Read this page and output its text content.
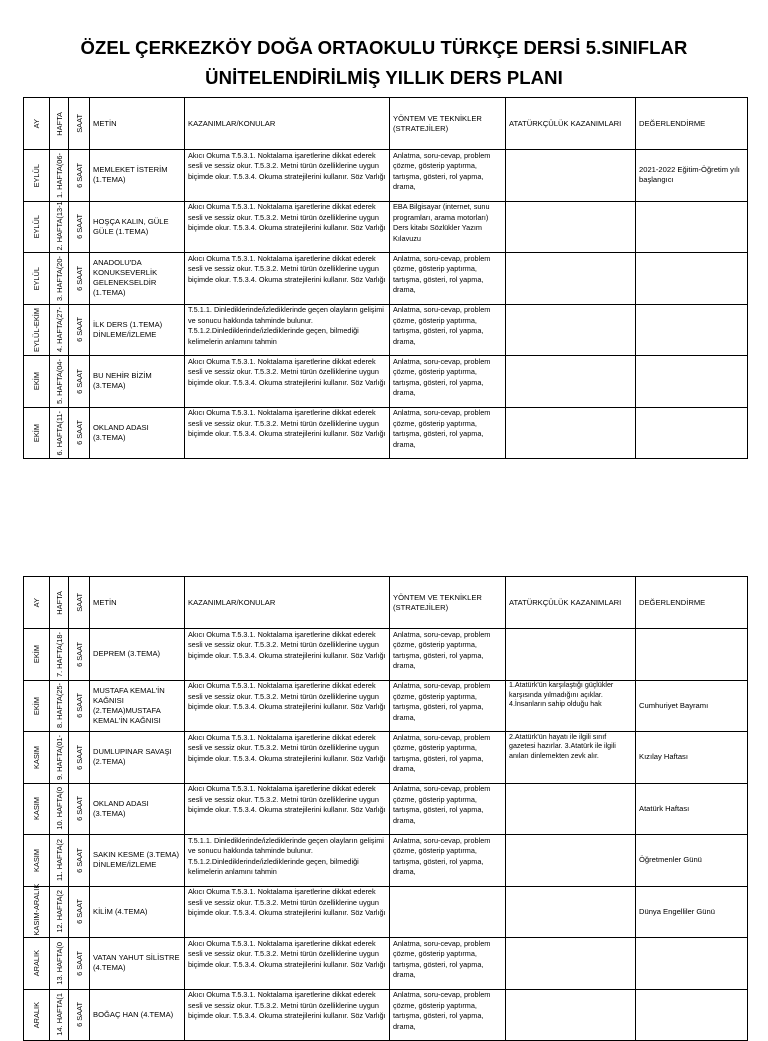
ÖZEL ÇERKEZKÖY DOĞA ORTAOKULU TÜRKÇE DERSİ 5.SINIFLAR
ÜNİTELENDİRİLMİŞ YILLIK DERS PLANI
AY	HAFTA	SAAT	METİN	KAZANIMLAR/KONULAR	YÖNTEM VE TEKNİKLER (STRATEJİLER)	ATATÜRKÇÜLÜK KAZANIMLARI	DEĞERLENDİRME

EYLÜL	1. HAFTA(06-	6 SAAT	MEMLEKET İSTERİM (1.TEMA)	Akıcı Okuma T.5.3.1. Noktalama işaretlerine dikkat ederek sesli ve sessiz okur. T.5.3.2. Metni türün özelliklerine uygun biçimde okur. T.5.3.4. Okuma stratejilerini kullanır. Söz Varlığı	Anlatma, soru-cevap, problem çözme, gösterip yaptırma, tartışma, gösteri, rol yapma, drama,		2021-2022 Eğitim-Öğretim yılı başlangıcı

EYLÜL	2. HAFTA(13-1	6 SAAT	HOŞÇA KALIN, GÜLE GÜLE (1.TEMA)	Akıcı Okuma T.5.3.1. Noktalama işaretlerine dikkat ederek sesli ve sessiz okur. T.5.3.2. Metni türün özelliklerine uygun biçimde okur. T.5.3.4. Okuma stratejilerini kullanır. Söz Varlığı	EBA Bilgisayar (internet, sunu programları, arama motorları) Ders kitabı Sözlükler Yazım Kılavuzu		

EYLÜL	3. HAFTA(20-	6 SAAT	ANADOLU'DA KONUKSEVERLİK GELENEKSELDİR (1.TEMA)	Akıcı Okuma T.5.3.1. Noktalama işaretlerine dikkat ederek sesli ve sessiz okur. T.5.3.2. Metni türün özelliklerine uygun biçimde okur. T.5.3.4. Okuma stratejilerini kullanır. Söz Varlığı	Anlatma, soru-cevap, problem çözme, gösterip yaptırma, tartışma, gösteri, rol yapma, drama,		

EYLÜL-EKİM	4. HAFTA(27-	6 SAAT	İLK DERS (1.TEMA) DİNLEME/İZLEME	T.5.1.1. Dinlediklerinde/izlediklerinde geçen olayların gelişimi ve sonucu hakkında tahminde bulunur. T.5.1.2.Dinlediklerinde/izlediklerinde geçen, bilmediği kelimelerin anlamını tahmin	Anlatma, soru-cevap, problem çözme, gösterip yaptırma, tartışma, gösteri, rol yapma, drama,		

EKİM	5. HAFTA(04-	6 SAAT	BU NEHİR BİZİM (3.TEMA)	Akıcı Okuma T.5.3.1. Noktalama işaretlerine dikkat ederek sesli ve sessiz okur. T.5.3.2. Metni türün özelliklerine uygun biçimde okur. T.5.3.4. Okuma stratejilerini kullanır. Söz Varlığı	Anlatma, soru-cevap, problem çözme, gösterip yaptırma, tartışma, gösteri, rol yapma, drama,		

EKİM	6. HAFTA(11-	6 SAAT	OKLAND ADASI (3.TEMA)	Akıcı Okuma T.5.3.1. Noktalama işaretlerine dikkat ederek sesli ve sessiz okur. T.5.3.2. Metni türün özelliklerine uygun biçimde okur. T.5.3.4. Okuma stratejilerini kullanır. Söz Varlığı	Anlatma, soru-cevap, problem çözme, gösterip yaptırma, tartışma, gösteri, rol yapma, drama,		

AY	HAFTA	SAAT	METİN	KAZANIMLAR/KONULAR	YÖNTEM VE TEKNİKLER (STRATEJİLER)	ATATÜRKÇÜLÜK KAZANIMLARI	DEĞERLENDİRME

EKİM	7. HAFTA(18-	6 SAAT	DEPREM (3.TEMA)	Akıcı Okuma T.5.3.1. Noktalama işaretlerine dikkat ederek sesli ve sessiz okur. T.5.3.2. Metni türün özelliklerine uygun biçimde okur. T.5.3.4. Okuma stratejilerini kullanır. Söz Varlığı	Anlatma, soru-cevap, problem çözme, gösterip yaptırma, tartışma, gösteri, rol yapma, drama,		

EKİM	8. HAFTA(25-	6 SAAT	MUSTAFA KEMAL'İN KAĞNISI (2.TEMA)MUSTAFA KEMAL'İN KAĞNISI	Akıcı Okuma T.5.3.1. Noktalama işaretlerine dikkat ederek sesli ve sessiz okur. T.5.3.2. Metni türün özelliklerine uygun biçimde okur. T.5.3.4. Okuma stratejilerini kullanır. Söz Varlığı	Anlatma, soru-cevap, problem çözme, gösterip yaptırma, tartışma, gösteri, rol yapma, drama,	1.Atatürk'ün karşılaştığı güçlükler karşısında yılmadığını açıklar. 4.İnsanların sahip olduğu hak	Cumhuriyet Bayramı

KASIM	9. HAFTA(01-	6 SAAT	DUMLUPINAR SAVAŞI (2.TEMA)	Akıcı Okuma T.5.3.1. Noktalama işaretlerine dikkat ederek sesli ve sessiz okur. T.5.3.2. Metni türün özelliklerine uygun biçimde okur. T.5.3.4. Okuma stratejilerini kullanır. Söz Varlığı	Anlatma, soru-cevap, problem çözme, gösterip yaptırma, tartışma, gösteri, rol yapma, drama,	2.Atatürk'ün hayatı ile ilgili sınıf gazetesi hazırlar. 3.Atatürk ile ilgili anıları dinlemekten zevk alır.	Kızılay Haftası

KASIM	10. HAFTA(0	6 SAAT	OKLAND ADASI (3.TEMA)	Akıcı Okuma T.5.3.1. Noktalama işaretlerine dikkat ederek sesli ve sessiz okur. T.5.3.2. Metni türün özelliklerine uygun biçimde okur. T.5.3.4. Okuma stratejilerini kullanır. Söz Varlığı	Anlatma, soru-cevap, problem çözme, gösterip yaptırma, tartışma, gösteri, rol yapma, drama,		Atatürk Haftası

KASIM	11. HAFTA(2	6 SAAT	SAKIN KESME (3.TEMA) DİNLEME/İZLEME	T.5.1.1. Dinlediklerinde/izlediklerinde geçen olayların gelişimi ve sonucu hakkında tahminde bulunur. T.5.1.2.Dinlediklerinde/izlediklerinde geçen, bilmediği kelimelerin anlamını tahmin	Anlatma, soru-cevap, problem çözme, gösterip yaptırma, tartışma, gösteri, rol yapma, drama,		Öğretmenler Günü

KASIM-ARALIK	12. HAFTA(2	6 SAAT	KİLİM (4.TEMA)	Akıcı Okuma T.5.3.1. Noktalama işaretlerine dikkat ederek sesli ve sessiz okur. T.5.3.2. Metni türün özelliklerine uygun biçimde okur. T.5.3.4. Okuma stratejilerini kullanır. Söz Varlığı			Dünya Engelliler Günü

ARALIK	13. HAFTA(0	6 SAAT	VATAN YAHUT SİLİSTRE (4.TEMA)	Akıcı Okuma T.5.3.1. Noktalama işaretlerine dikkat ederek sesli ve sessiz okur. T.5.3.2. Metni türün özelliklerine uygun biçimde okur. T.5.3.4. Okuma stratejilerini kullanır. Söz Varlığı	Anlatma, soru-cevap, problem çözme, gösterip yaptırma, tartışma, gösteri, rol yapma, drama,		

ARALIK	14. HAFTA(1	6 SAAT	BOĞAÇ HAN (4.TEMA)	Akıcı Okuma T.5.3.1. Noktalama işaretlerine dikkat ederek sesli ve sessiz okur. T.5.3.2. Metni türün özelliklerine uygun biçimde okur. T.5.3.4. Okuma stratejilerini kullanır. Söz Varlığı	Anlatma, soru-cevap, problem çözme, gösterip yaptırma, tartışma, gösteri, rol yapma, drama,		
